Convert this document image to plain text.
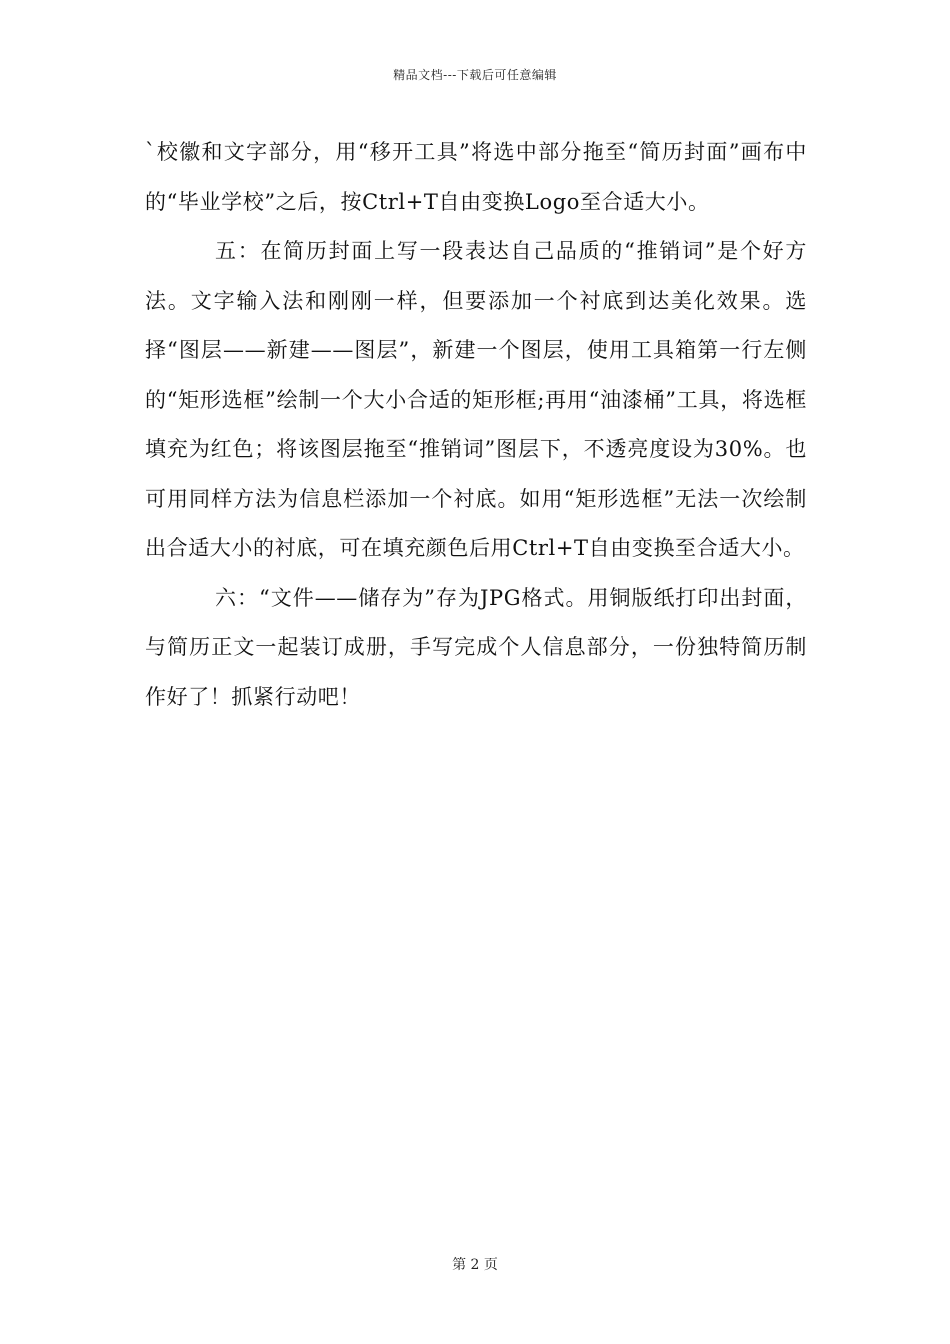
精品文档---下载后可任意编辑

`校徽和文字部分，用“移开工具”将选中部分拖至“简历封面”画布中的“毕业学校”之后，按Ctrl+T自由变换Logo至合适大小。

五：在简历封面上写一段表达自己品质的“推销词”是个好方法。文字输入法和刚刚一样，但要添加一个衬底到达美化效果。选择“图层——新建——图层”，新建一个图层，使用工具箱第一行左侧的“矩形选框”绘制一个大小合适的矩形框;再用“油漆桶”工具，将选框填充为红色；将该图层拖至“推销词”图层下，不透亮度设为30%。也可用同样方法为信息栏添加一个衬底。如用“矩形选框”无法一次绘制出合适大小的衬底，可在填充颜色后用Ctrl+T自由变换至合适大小。

六：“文件——储存为”存为JPG格式。用铜版纸打印出封面，与简历正文一起装订成册，手写完成个人信息部分，一份独特简历制作好了！抓紧行动吧！

第 2 页
